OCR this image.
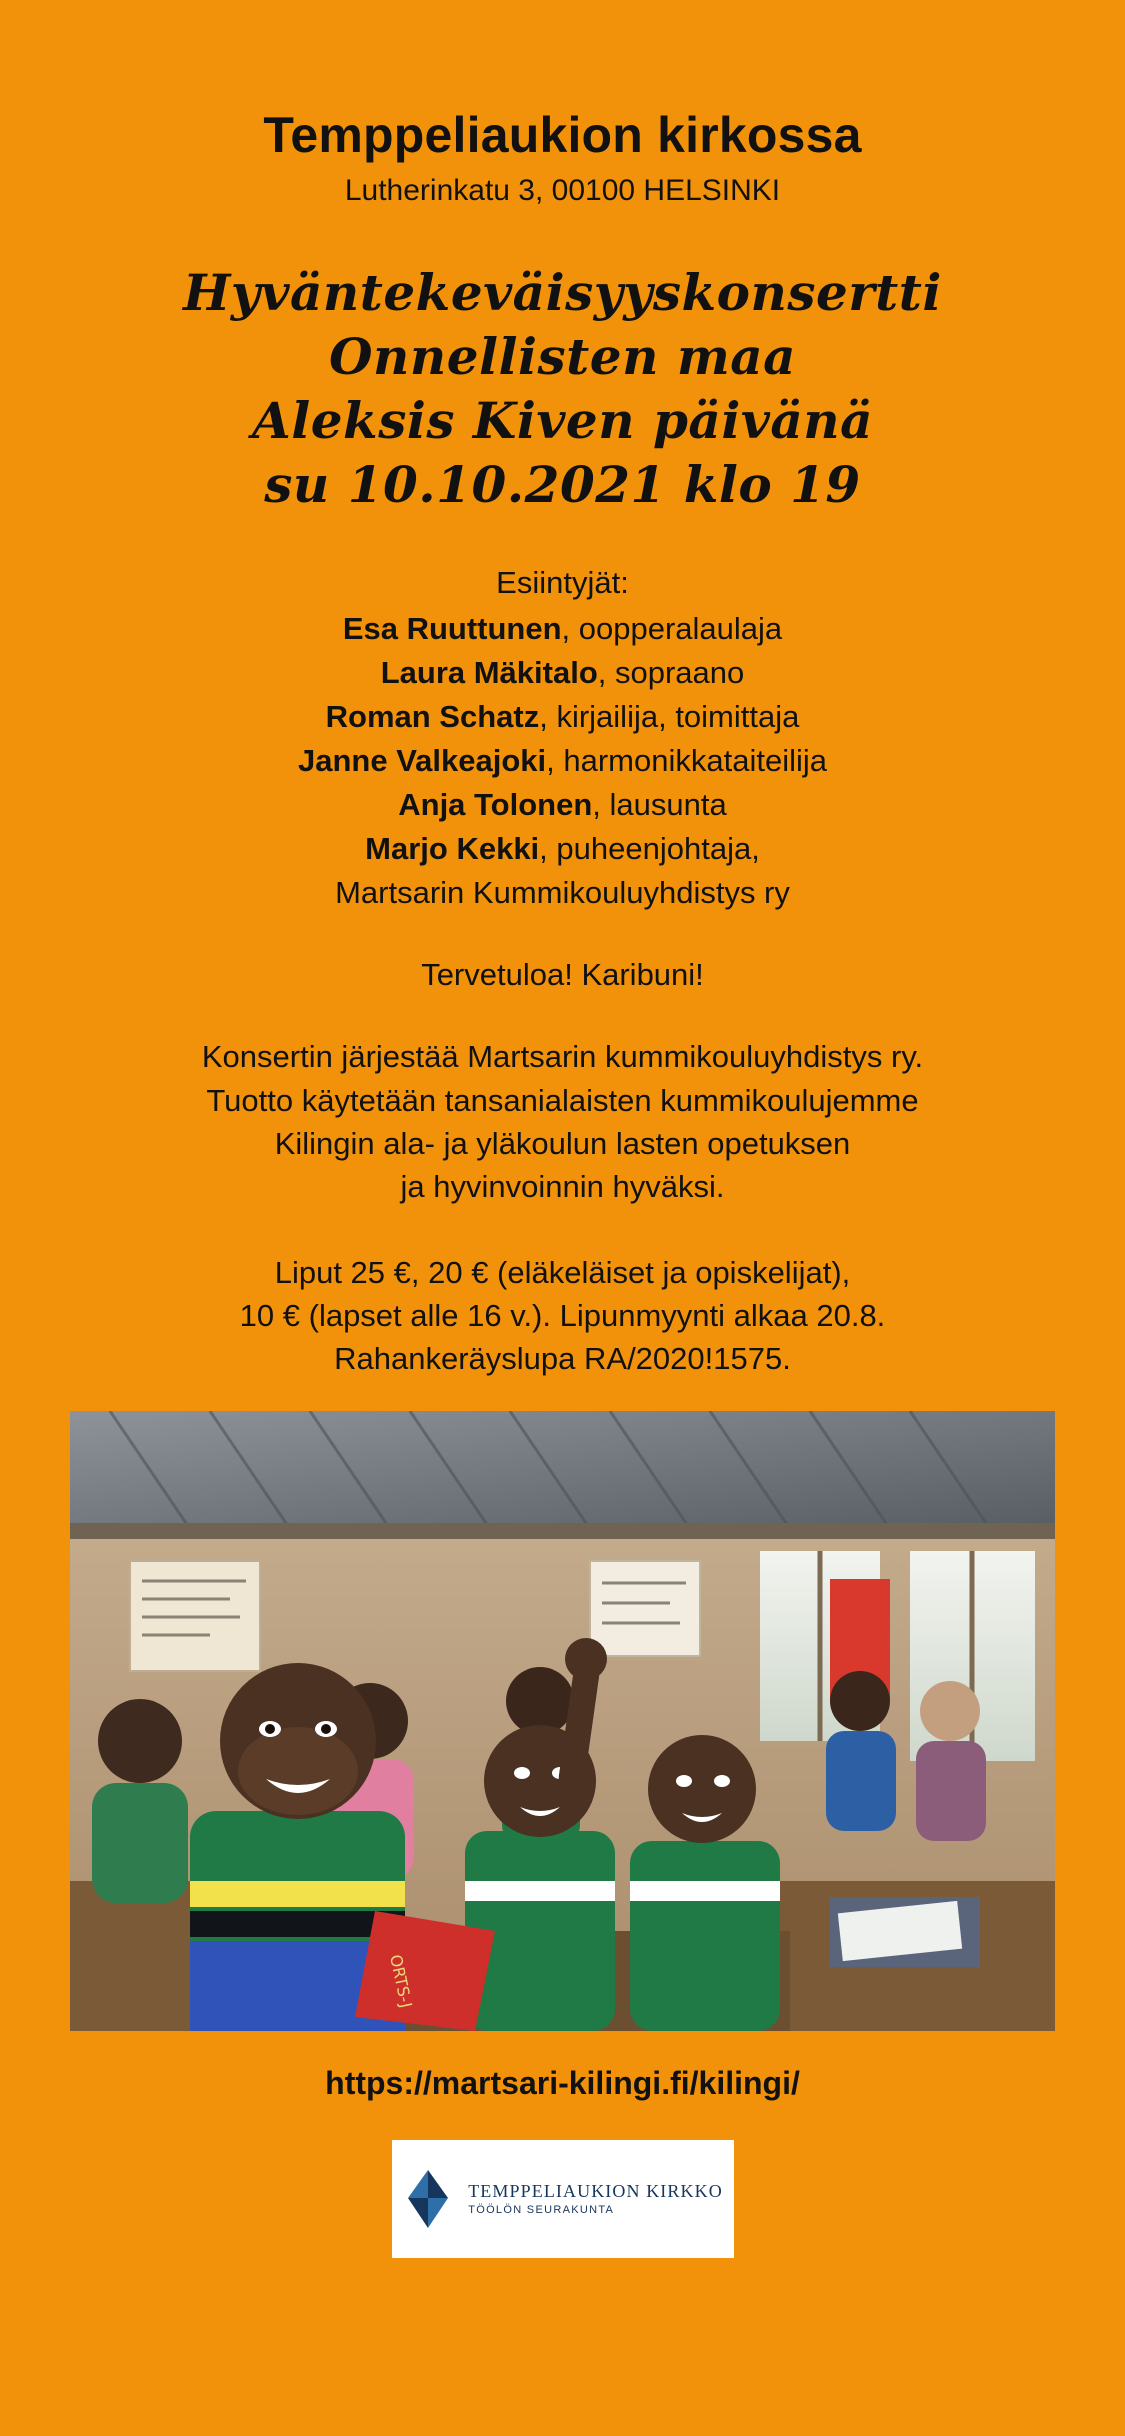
Temppeliaukion kirkossa
Lutherinkatu 3, 00100 HELSINKI
Hyväntekeväisyyskonsertti
Onnellisten maa
Aleksis Kiven päivänä
su 10.10.2021 klo 19
Esiintyjät:
Esa Ruuttunen, oopperalaulaja
Laura Mäkitalo, sopraano
Roman Schatz, kirjailija, toimittaja
Janne Valkeajoki, harmonikkataiteilija
Anja Tolonen, lausunta
Marjo Kekki, puheenjohtaja,
Martsarin Kummikouluyhdistys ry
Tervetuloa! Karibuni!
Konsertin järjestää Martsarin kummikouluyhdistys ry.
Tuotto käytetään tansanialaisten kummikoulujemme
Kilingin ala- ja yläkoulun lasten opetuksen
ja hyvinvoinnin hyväksi.
Liput 25 €, 20 € (eläkeläiset ja opiskelijat),
10 € (lapset alle 16 v.). Lipunmyynti alkaa 20.8.
Rahankeräyslupa RA/2020!1575.
ORTS-J
https://martsari-kilingi.fi/kilingi/
TEMPPELIAUKION KIRKKO
TÖÖLÖN SEURAKUNTA
